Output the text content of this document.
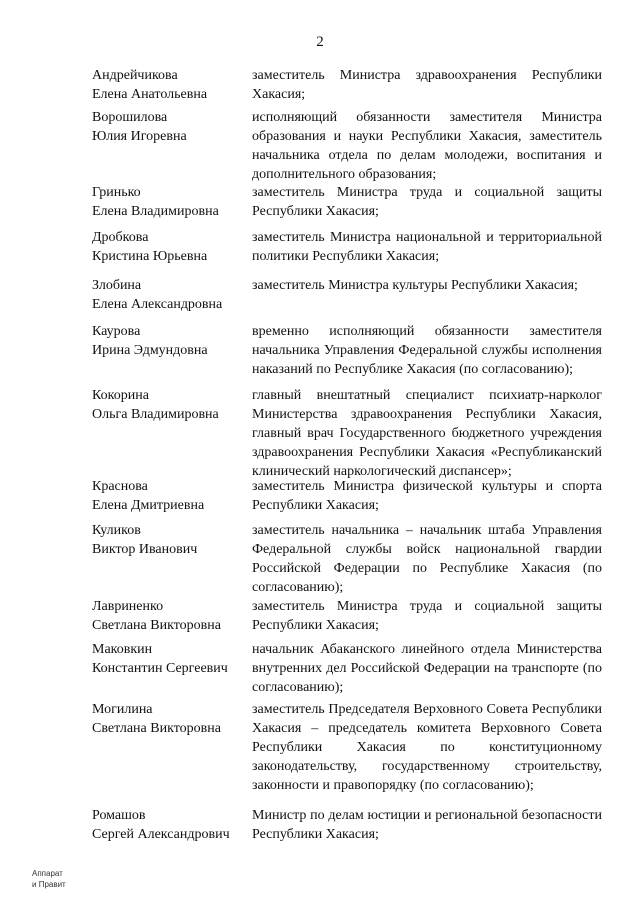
2
Андрейчикова
Елена Анатольевна
заместитель Министра здравоохранения Республики Хакасия;
Ворошилова
Юлия Игоревна
исполняющий обязанности заместителя Министра образования и науки Республики Хакасия, заместитель начальника отдела по делам молодежи, воспитания и дополнительного образования;
Гринько
Елена Владимировна
заместитель Министра труда и социальной защиты Республики Хакасия;
Дробкова
Кристина Юрьевна
заместитель Министра национальной и территориальной политики Республики Хакасия;
Злобина
Елена Александровна
заместитель Министра культуры Республики Хакасия;
Каурова
Ирина Эдмундовна
временно исполняющий обязанности заместителя начальника Управления Федеральной службы исполнения наказаний по Республике Хакасия (по согласованию);
Кокорина
Ольга Владимировна
главный внештатный специалист психиатр-нарколог Министерства здравоохранения Республики Хакасия, главный врач Государственного бюджетного учреждения здравоохранения Республики Хакасия «Республиканский клинический наркологический диспансер»;
Краснова
Елена Дмитриевна
заместитель Министра физической культуры и спорта Республики Хакасия;
Куликов
Виктор Иванович
заместитель начальника – начальник штаба Управления Федеральной службы войск национальной гвардии Российской Федерации по Республике Хакасия (по согласованию);
Лавриненко
Светлана Викторовна
заместитель Министра труда и социальной защиты Республики Хакасия;
Маковкин
Константин Сергеевич
начальник Абаканского линейного отдела Министерства внутренних дел Российской Федерации на транспорте (по согласованию);
Могилина
Светлана Викторовна
заместитель Председателя Верховного Совета Республики Хакасия – председатель комитета Верховного Совета Республики Хакасия по конституционному законодательству, государственному строительству, законности и правопорядку (по согласованию);
Ромашов
Сергей Александрович
Министр по делам юстиции и региональной безопасности Республики Хакасия;
Аппарат
и Правит
